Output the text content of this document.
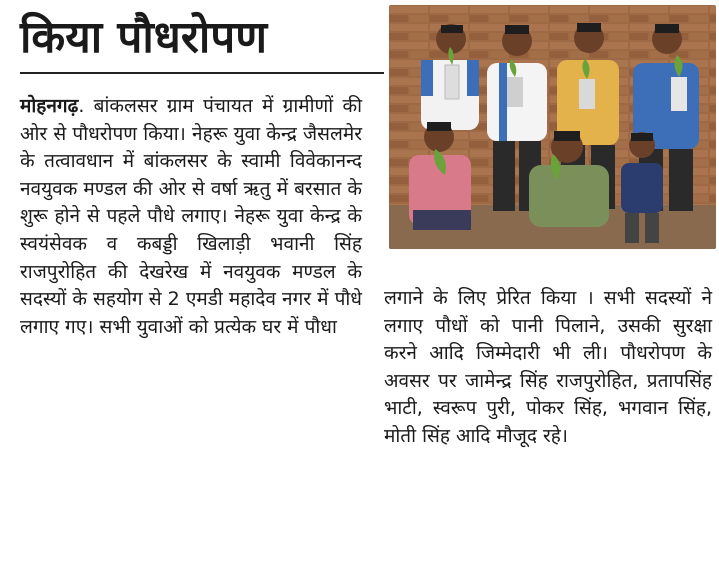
किया पौधरोपण

मोहनगढ़. बांकलसर ग्राम पंचायत में ग्रामीणों की ओर से पौधरोपण किया। नेहरू युवा केन्द्र जैसलमेर के तत्वावधान में बांकलसर के स्वामी विवेकानन्द नवयुवक मण्डल की ओर से वर्षा ऋतु में बरसात के शुरू होने से पहले पौधे लगाए। नेहरू युवा केन्द्र के स्वयंसेवक व कबड्डी खिलाड़ी भवानी सिंह राजपुरोहित की देखरेख में नवयुवक मण्डल के सदस्यों के सहयोग से 2 एमडी महादेव नगर में पौधे लगाए गए। सभी युवाओं को प्रत्येक घर में पौधा

लगाने के लिए प्रेरित किया । सभी सदस्यों ने लगाए पौधों को पानी पिलाने, उसकी सुरक्षा करने आदि जिम्मेदारी भी ली। पौधरोपण के अवसर पर जामेन्द्र सिंह राजपुरोहित, प्रतापसिंह भाटी, स्वरूप पुरी, पोकर सिंह, भगवान सिंह, मोती सिंह आदि मौजूद रहे।
